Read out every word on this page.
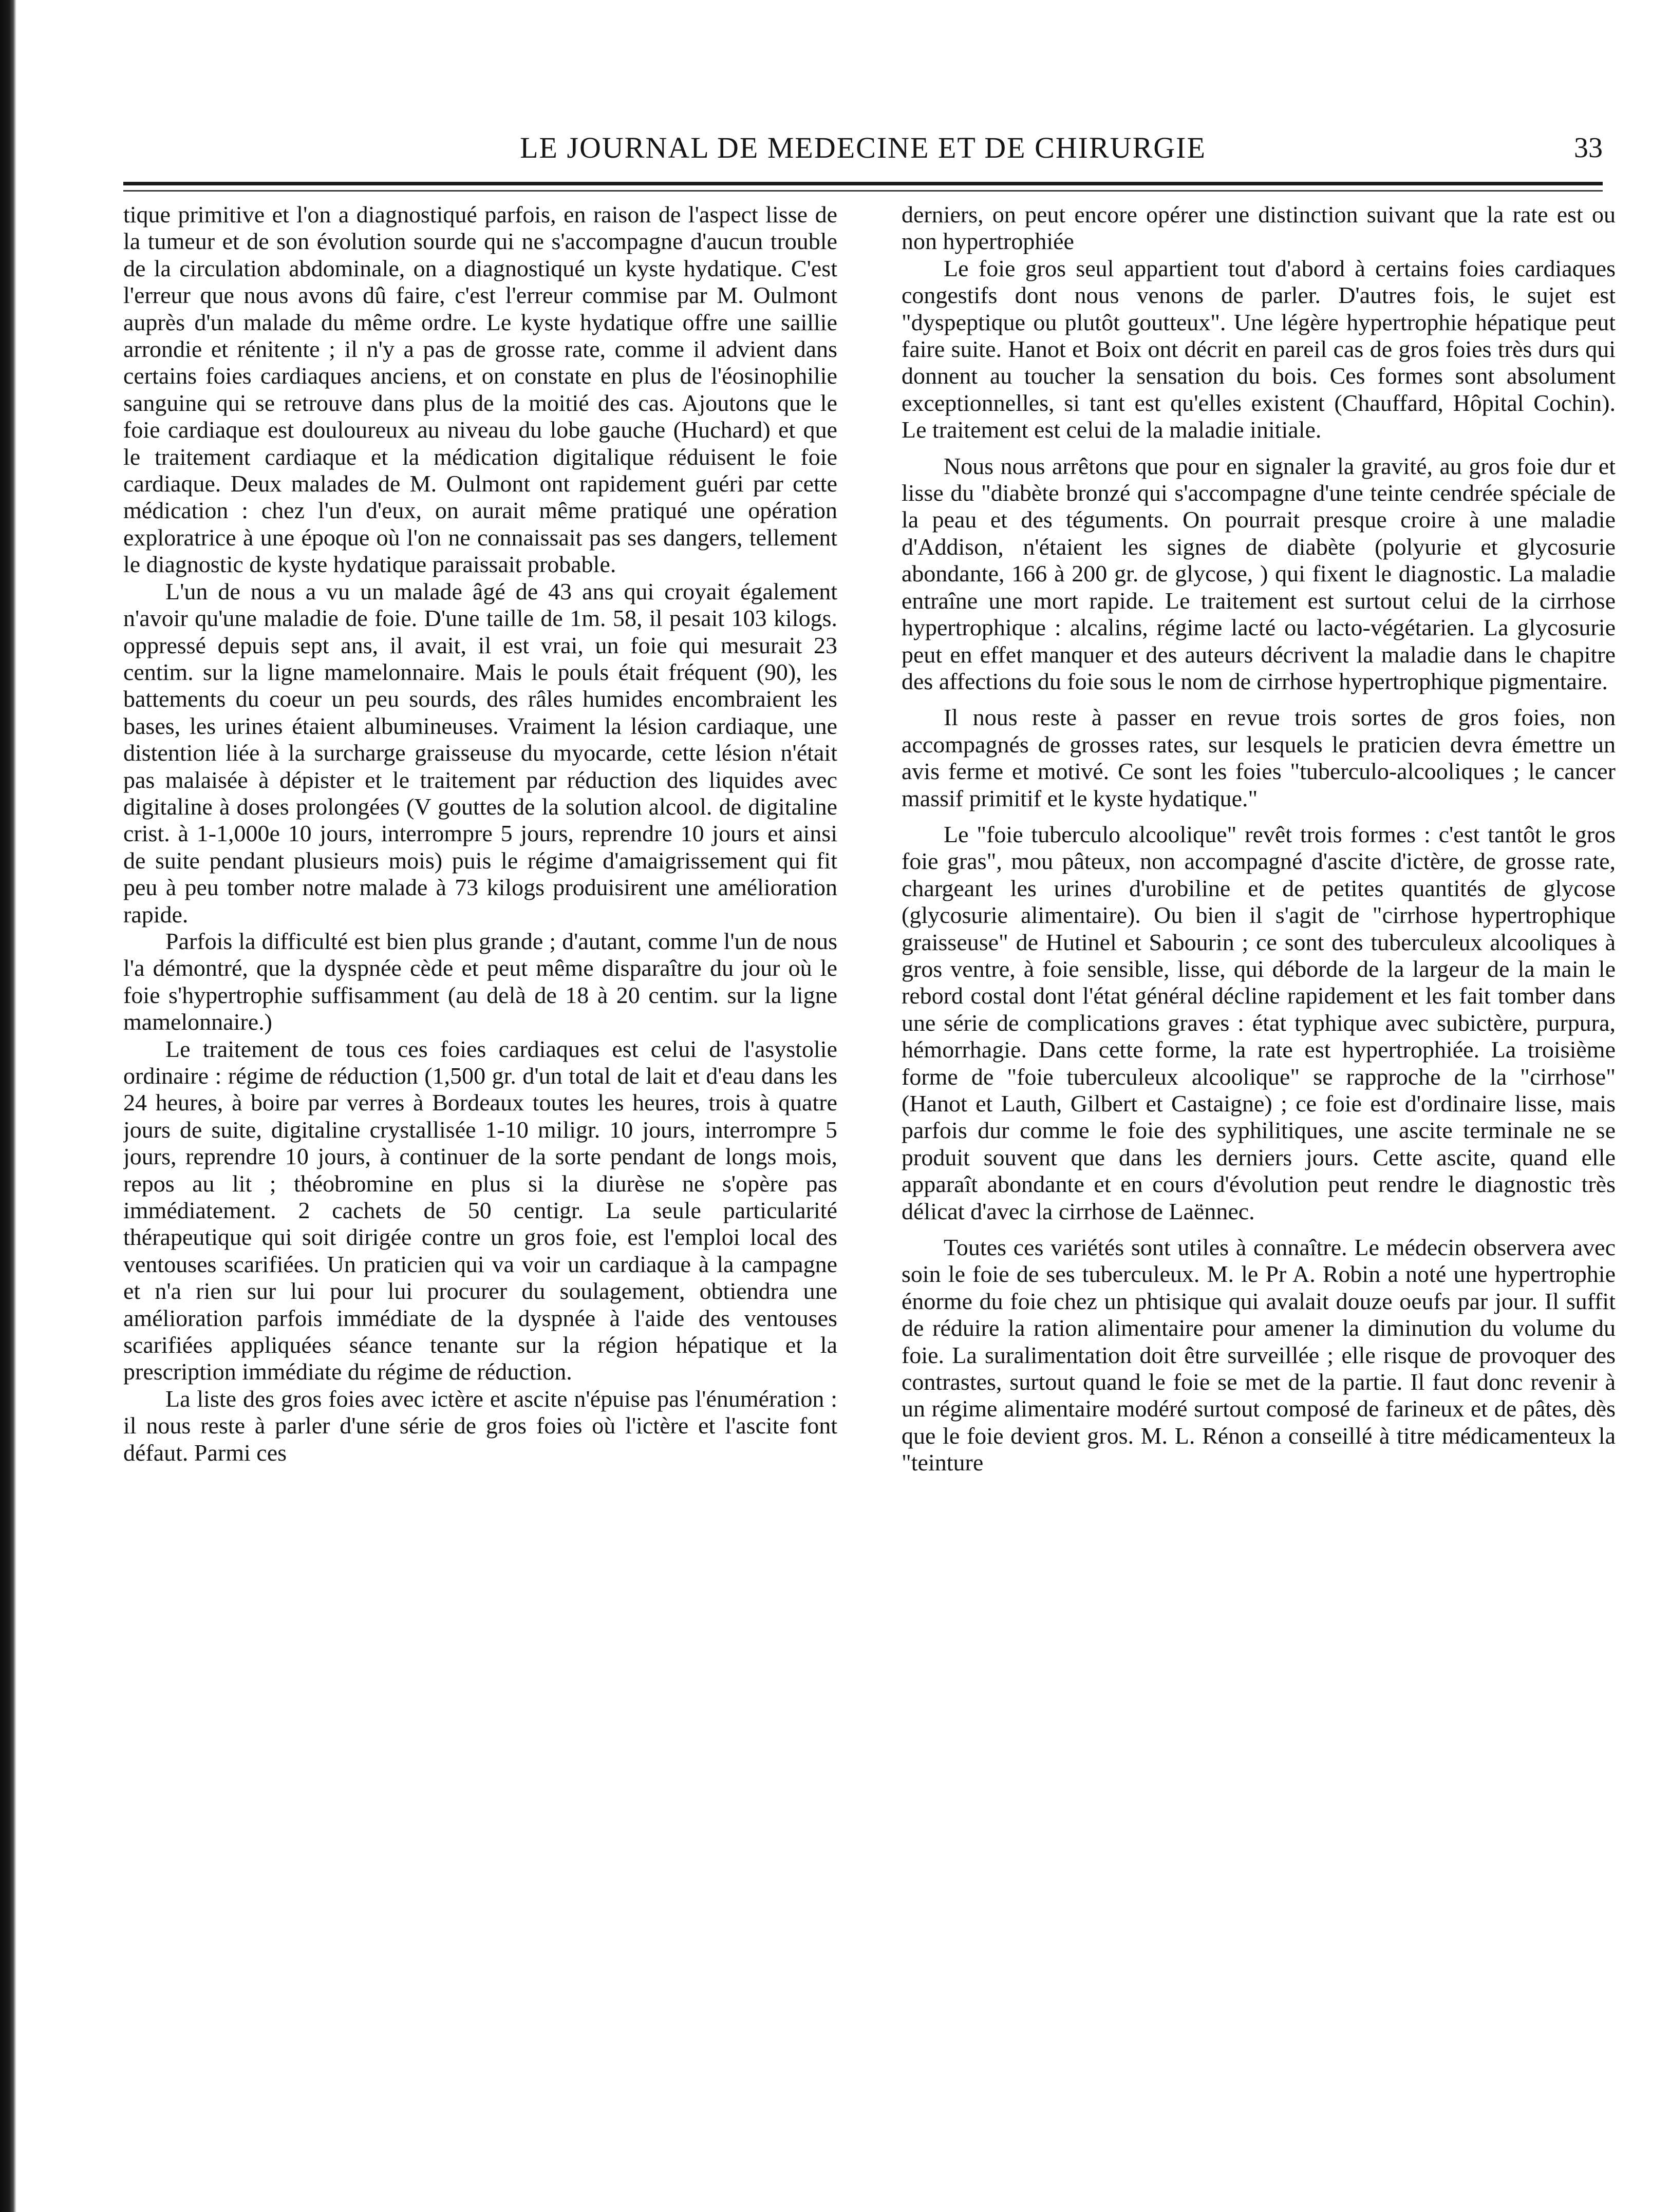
LE JOURNAL DE MEDECINE ET DE CHIRURGIE	33

tique primitive et l'on a diagnostiqué parfois, en raison de l'aspect lisse de la tumeur et de son évolution sourde qui ne s'accompagne d'aucun trouble de la circulation abdominale, on a diagnostiqué un kyste hydatique. C'est l'erreur que nous avons dû faire, c'est l'erreur commise par M. Oulmont auprès d'un malade du même ordre. Le kyste hydatique offre une saillie arrondie et rénitente ; il n'y a pas de grosse rate, comme il advient dans certains foies cardiaques anciens, et on constate en plus de l'éosinophilie sanguine qui se retrouve dans plus de la moitié des cas. Ajoutons que le foie cardiaque est douloureux au niveau du lobe gauche (Huchard) et que le traitement cardiaque et la médication digitalique réduisent le foie cardiaque. Deux malades de M. Oulmont ont rapidement guéri par cette médication : chez l'un d'eux, on aurait même pratiqué une opération exploratrice à une époque où l'on ne connaissait pas ses dangers, tellement le diagnostic de kyste hydatique paraissait probable.

L'un de nous a vu un malade âgé de 43 ans qui croyait également n'avoir qu'une maladie de foie. D'une taille de 1m. 58, il pesait 103 kilogs. oppressé depuis sept ans, il avait, il est vrai, un foie qui mesurait 23 centim. sur la ligne mamelonnaire. Mais le pouls était fréquent (90), les battements du coeur un peu sourds, des râles humides encombraient les bases, les urines étaient albumineuses. Vraiment la lésion cardiaque, une distention liée à la surcharge graisseuse du myocarde, cette lésion n'était pas malaisée à dépister et le traitement par réduction des liquides avec digitaline à doses prolongées (V gouttes de la solution alcool. de digitaline crist. à 1-1,000e 10 jours, interrompre 5 jours, reprendre 10 jours et ainsi de suite pendant plusieurs mois) puis le régime d'amaigrissement qui fit peu à peu tomber notre malade à 73 kilogs produisirent une amélioration rapide.

Parfois la difficulté est bien plus grande ; d'autant, comme l'un de nous l'a démontré, que la dyspnée cède et peut même disparaître du jour où le foie s'hypertrophie suffisamment (au delà de 18 à 20 centim. sur la ligne mamelonnaire.)

Le traitement de tous ces foies cardiaques est celui de l'asystolie ordinaire : régime de réduction (1,500 gr. d'un total de lait et d'eau dans les 24 heures, à boire par verres à Bordeaux toutes les heures, trois à quatre jours de suite, digitaline crystallisée 1-10 miligr. 10 jours, interrompre 5 jours, reprendre 10 jours, à continuer de la sorte pendant de longs mois, repos au lit ; théobromine en plus si la diurèse ne s'opère pas immédiatement. 2 cachets de 50 centigr. La seule particularité thérapeutique qui soit dirigée contre un gros foie, est l'emploi local des ventouses scarifiées. Un praticien qui va voir un cardiaque à la campagne et n'a rien sur lui pour lui procurer du soulagement, obtiendra une amélioration parfois immédiate de la dyspnée à l'aide des ventouses scarifiées appliquées séance tenante sur la région hépatique et la prescription immédiate du régime de réduction.

La liste des gros foies avec ictère et ascite n'épuise pas l'énumération : il nous reste à parler d'une série de gros foies où l'ictère et l'ascite font défaut. Parmi ces

derniers, on peut encore opérer une distinction suivant que la rate est ou non hypertrophiée

Le foie gros seul appartient tout d'abord à certains foies cardiaques congestifs dont nous venons de parler. D'autres fois, le sujet est "dyspeptique ou plutôt goutteux". Une légère hypertrophie hépatique peut faire suite. Hanot et Boix ont décrit en pareil cas de gros foies très durs qui donnent au toucher la sensation du bois. Ces formes sont absolument exceptionnelles, si tant est qu'elles existent (Chauffard, Hôpital Cochin). Le traitement est celui de la maladie initiale.

Nous nous arrêtons que pour en signaler la gravité, au gros foie dur et lisse du "diabète bronzé qui s'accompagne d'une teinte cendrée spéciale de la peau et des téguments. On pourrait presque croire à une maladie d'Addison, n'étaient les signes de diabète (polyurie et glycosurie abondante, 166 à 200 gr. de glycose, ) qui fixent le diagnostic. La maladie entraîne une mort rapide. Le traitement est surtout celui de la cirrhose hypertrophique : alcalins, régime lacté ou lacto-végétarien. La glycosurie peut en effet manquer et des auteurs décrivent la maladie dans le chapitre des affections du foie sous le nom de cirrhose hypertrophique pigmentaire.

Il nous reste à passer en revue trois sortes de gros foies, non accompagnés de grosses rates, sur lesquels le praticien devra émettre un avis ferme et motivé. Ce sont les foies "tuberculo-alcooliques ; le cancer massif primitif et le kyste hydatique."

Le "foie tuberculo alcoolique" revêt trois formes : c'est tantôt le gros foie gras", mou pâteux, non accompagné d'ascite d'ictère, de grosse rate, chargeant les urines d'urobiline et de petites quantités de glycose (glycosurie alimentaire). Ou bien il s'agit de "cirrhose hypertrophique graisseuse" de Hutinel et Sabourin ; ce sont des tuberculeux alcooliques à gros ventre, à foie sensible, lisse, qui déborde de la largeur de la main le rebord costal dont l'état général décline rapidement et les fait tomber dans une série de complications graves : état typhique avec subictère, purpura, hémorrhagie. Dans cette forme, la rate est hypertrophiée. La troisième forme de "foie tuberculeux alcoolique" se rapproche de la "cirrhose" (Hanot et Lauth, Gilbert et Castaigne) ; ce foie est d'ordinaire lisse, mais parfois dur comme le foie des syphilitiques, une ascite terminale ne se produit souvent que dans les derniers jours. Cette ascite, quand elle apparaît abondante et en cours d'évolution peut rendre le diagnostic très délicat d'avec la cirrhose de Laënnec.

Toutes ces variétés sont utiles à connaître. Le médecin observera avec soin le foie de ses tuberculeux. M. le Pr A. Robin a noté une hypertrophie énorme du foie chez un phtisique qui avalait douze oeufs par jour. Il suffit de réduire la ration alimentaire pour amener la diminution du volume du foie. La suralimentation doit être surveillée ; elle risque de provoquer des contrastes, surtout quand le foie se met de la partie. Il faut donc revenir à un régime alimentaire modéré surtout composé de farineux et de pâtes, dès que le foie devient gros. M. L. Rénon a conseillé à titre médicamenteux la "teinture
